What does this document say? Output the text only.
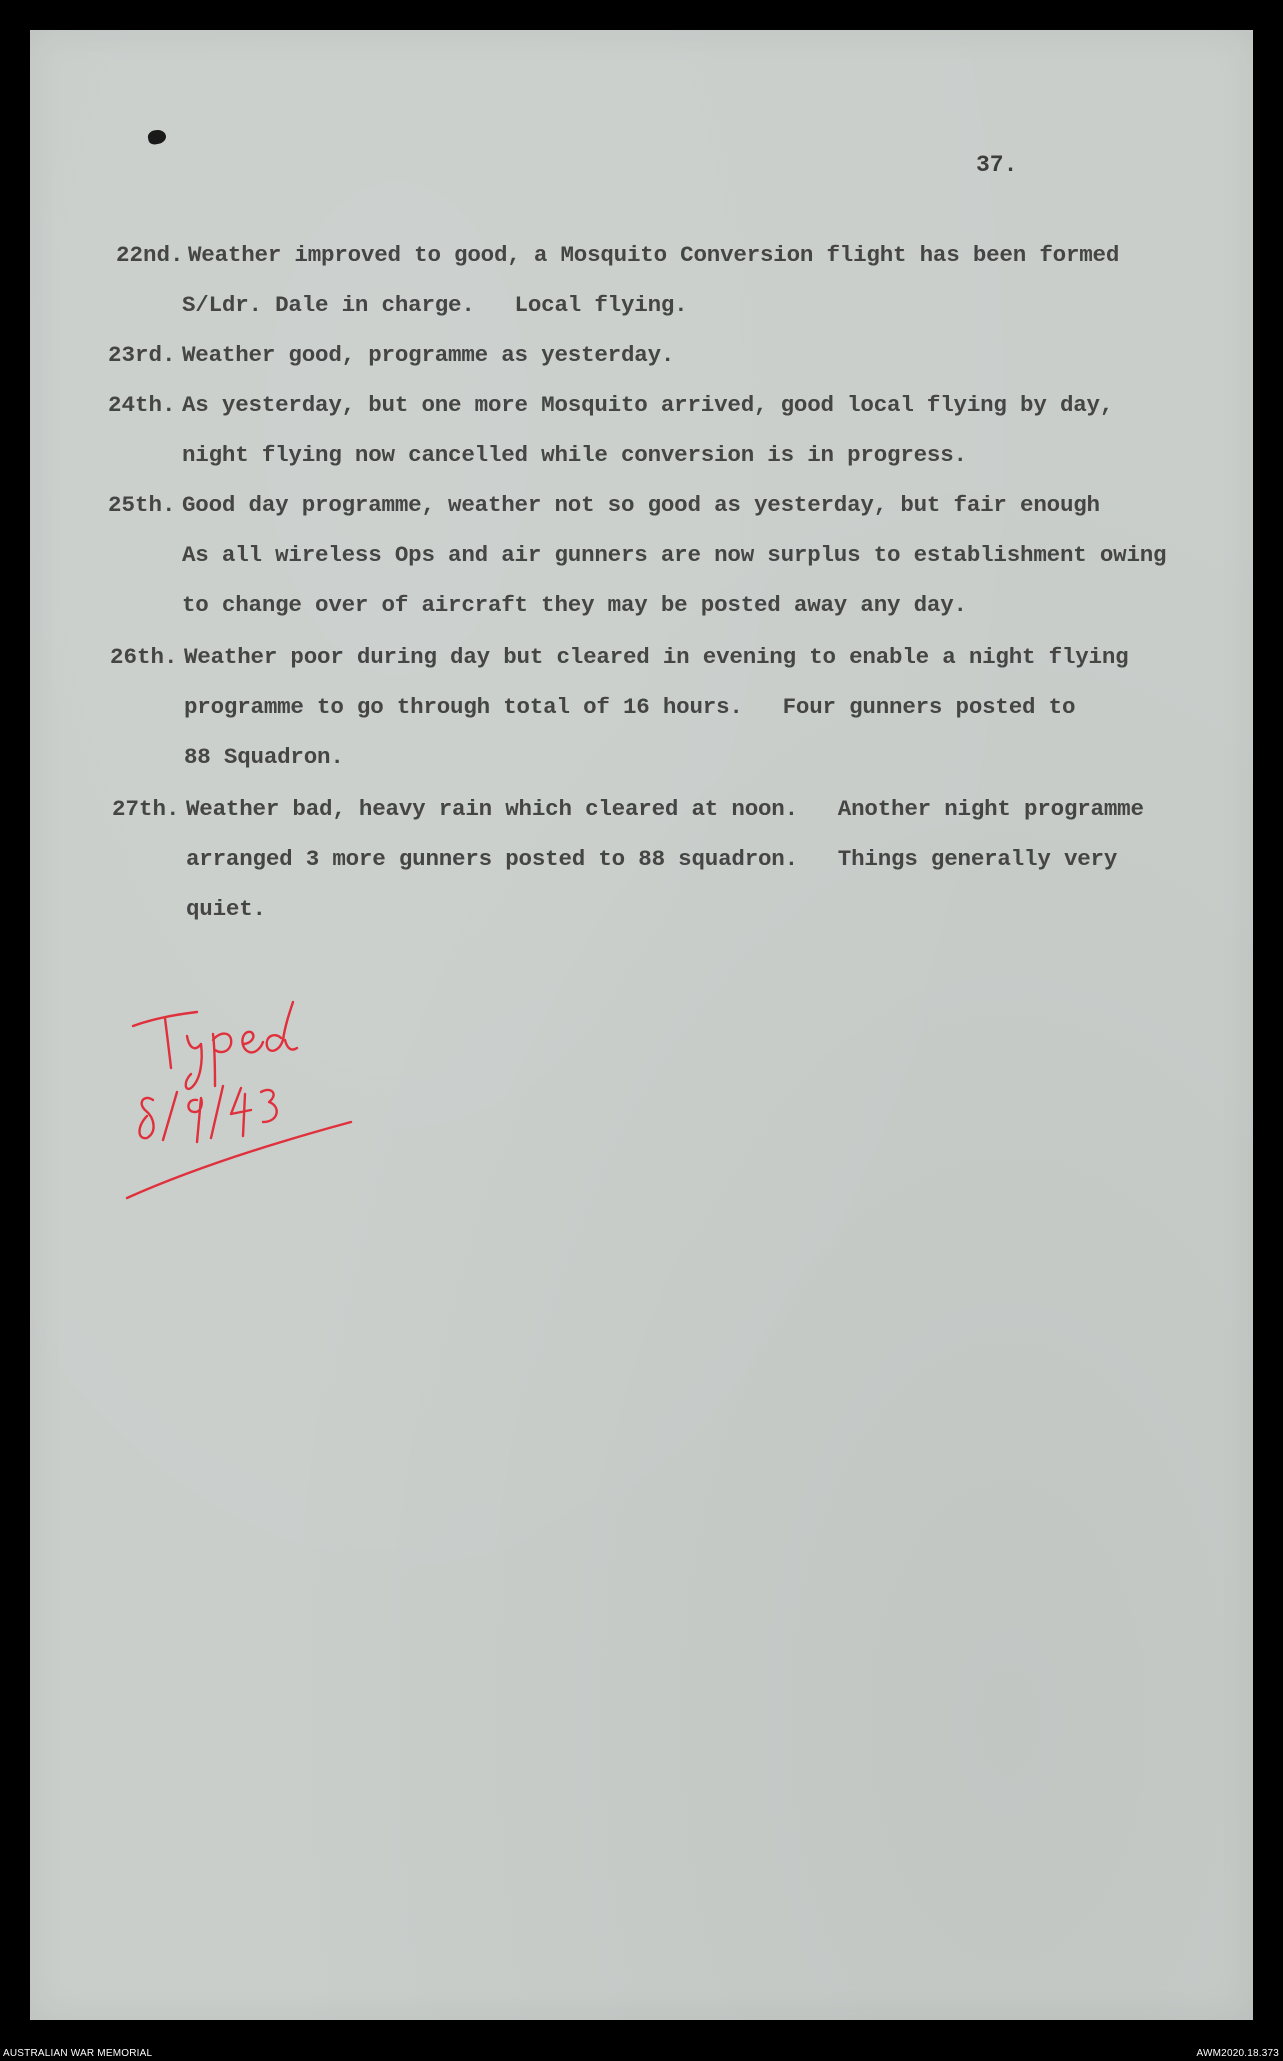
37.
22nd. Weather improved to good, a Mosquito Conversion flight has been formed
S/Ldr. Dale in charge.   Local flying.
23rd. Weather good, programme as yesterday.
24th. As yesterday, but one more Mosquito arrived, good local flying by day,
night flying now cancelled while conversion is in progress.
25th. Good day programme, weather not so good as yesterday, but fair enough
As all wireless Ops and air gunners are now surplus to establishment owing
to change over of aircraft they may be posted away any day.
26th. Weather poor during day but cleared in evening to enable a night flying
programme to go through total of 16 hours.   Four gunners posted to
88 Squadron.
27th. Weather bad, heavy rain which cleared at noon.   Another night programme
arranged 3 more gunners posted to 88 squadron.   Things generally very
quiet.
AUSTRALIAN WAR MEMORIAL	AWM2020.18.373
